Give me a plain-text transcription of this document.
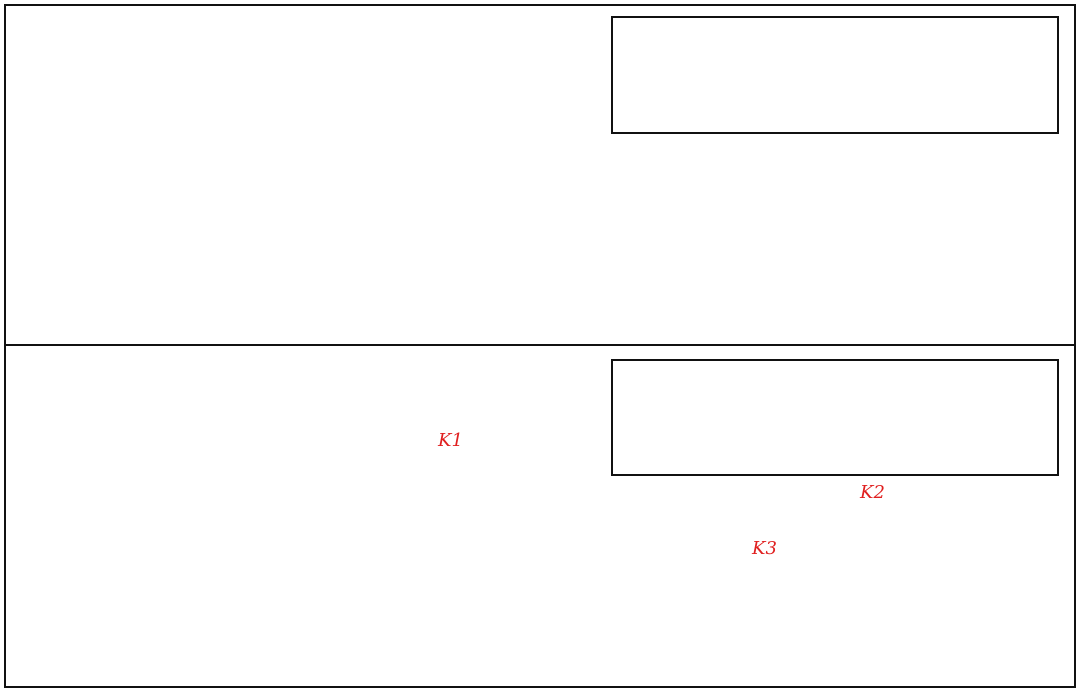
K1
K2
K3
